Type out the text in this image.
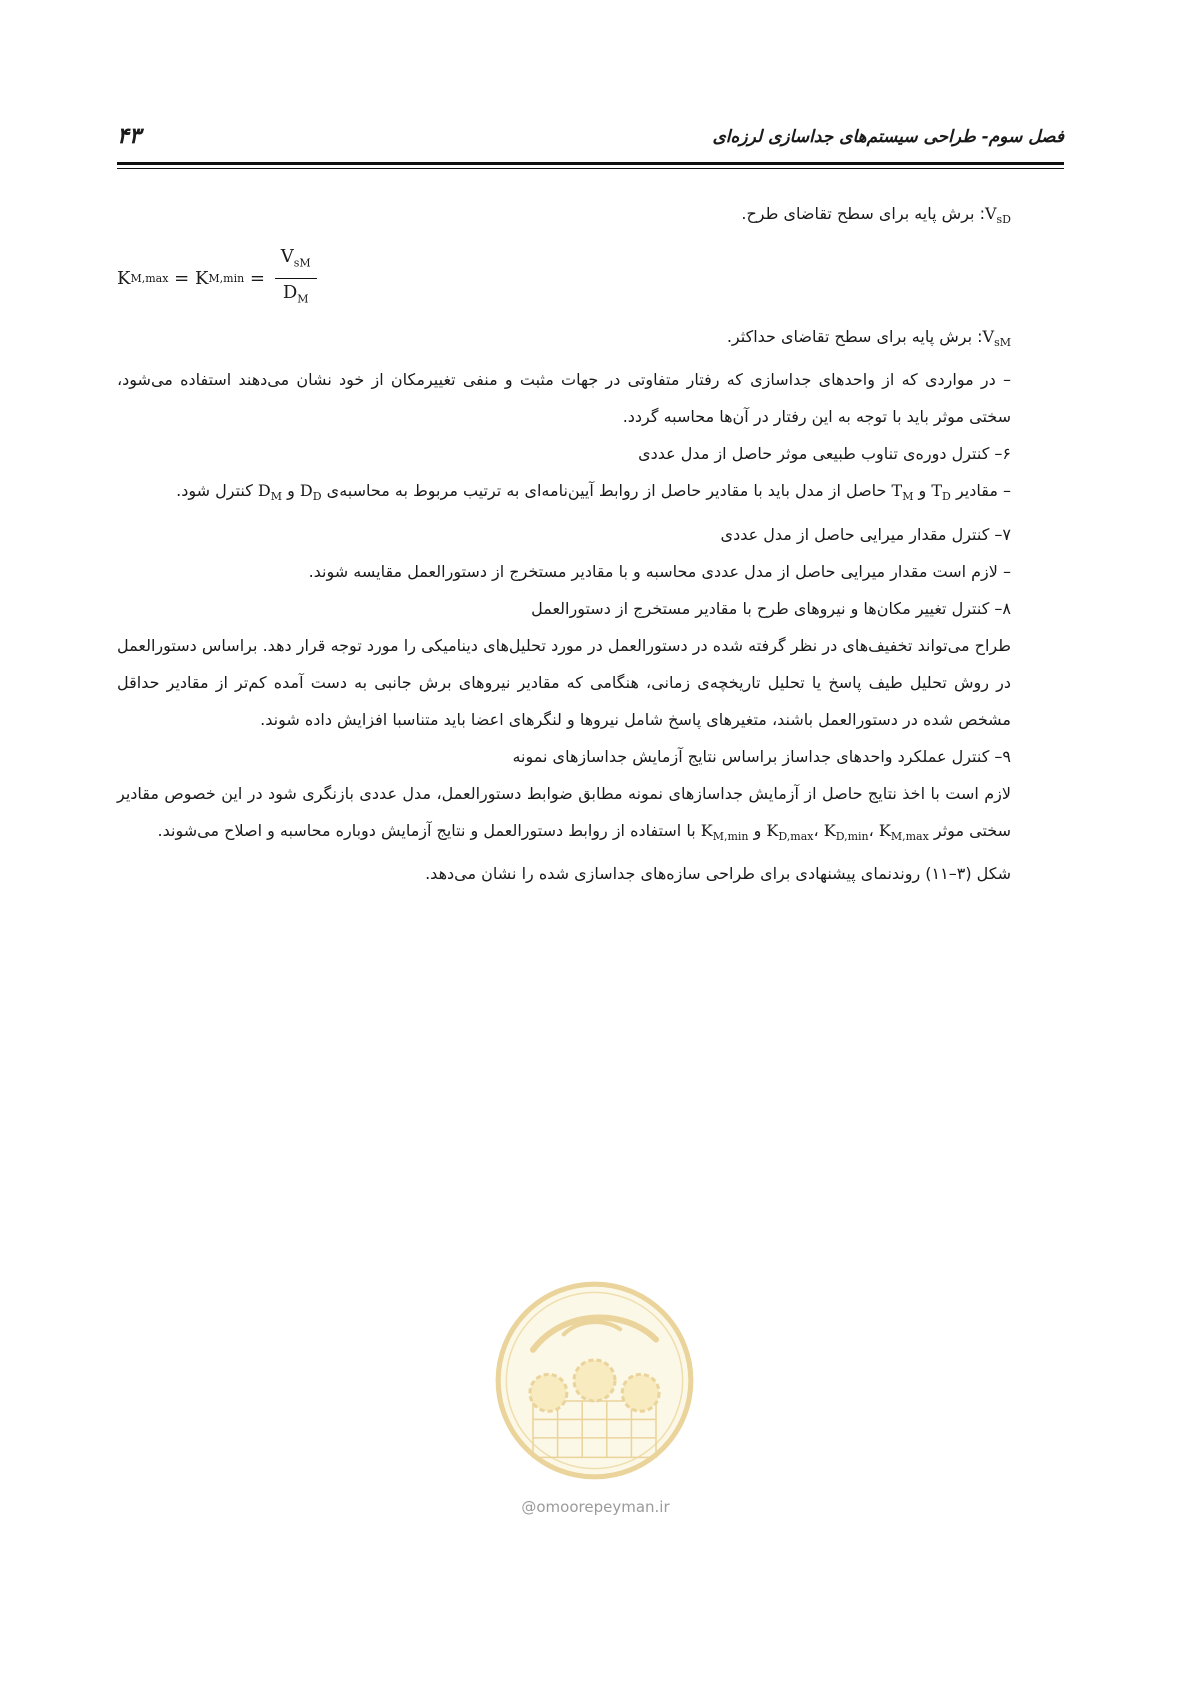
فصل سوم- طراحی سیستم‌های جداسازی لرزه‌ای
۴۳

$V_{sD}$: برش پایه برای سطح تقاضای طرح.

K M,max = K $M,\min = \frac{V_{sM}}{D_M}$

$V_{sM}$: برش پایه برای سطح تقاضای حداکثر.

– در مواردی که از واحدهای جداسازی که رفتار متفاوتی در جهات مثبت و منفی تغییرمکان از خود نشان می‌دهند استفاده می‌شود، سختی موثر باید با توجه به این رفتار در آن‌ها محاسبه گردد.

۶– کنترل دوره‌ی تناوب طبیعی موثر حاصل از مدل عددی

– مقادیر $T_D$ و $T_M$ حاصل از مدل باید با مقادیر حاصل از روابط آیین‌نامه‌ای به ترتیب مربوط به محاسبه‌ی $D_D$ و $D_M$ کنترل شود.

۷– کنترل مقدار میرایی حاصل از مدل عددی

– لازم است مقدار میرایی حاصل از مدل عددی محاسبه و با مقادیر مستخرج از دستورالعمل مقایسه شوند.

۸– کنترل تغییر مکان‌ها و نیروهای طرح با مقادیر مستخرج از دستورالعمل

طراح می‌تواند تخفیف‌های در نظر گرفته شده در دستورالعمل در مورد تحلیل‌های دینامیکی را مورد توجه قرار دهد. براساس دستورالعمل در روش تحلیل طیف پاسخ یا تحلیل تاریخچه‌ی زمانی، هنگامی که مقادیر نیروهای برش جانبی به دست آمده کم‌تر از مقادیر حداقل مشخص شده در دستورالعمل باشند، متغیرهای پاسخ شامل نیروها و لنگرهای اعضا باید متناسبا افزایش داده شوند.

۹– کنترل عملکرد واحدهای جداساز براساس نتایج آزمایش جداسازهای نمونه

لازم است با اخذ نتایج حاصل از آزمایش جداسازهای نمونه مطابق ضوابط دستورالعمل، مدل عددی بازنگری شود در این خصوص مقادیر سختی موثر $K_{D,max}،$ $K_{D,min}،$ $K_{M,max}$ و $K_{M,min}$ با استفاده از روابط دستورالعمل و نتایج آزمایش دوباره محاسبه و اصلاح می‌شوند.

شکل (۳–۱۱) روندنمای پیشنهادی برای طراحی سازه‌های جداسازی شده را نشان می‌دهد.

@omoorepeyman.ir
